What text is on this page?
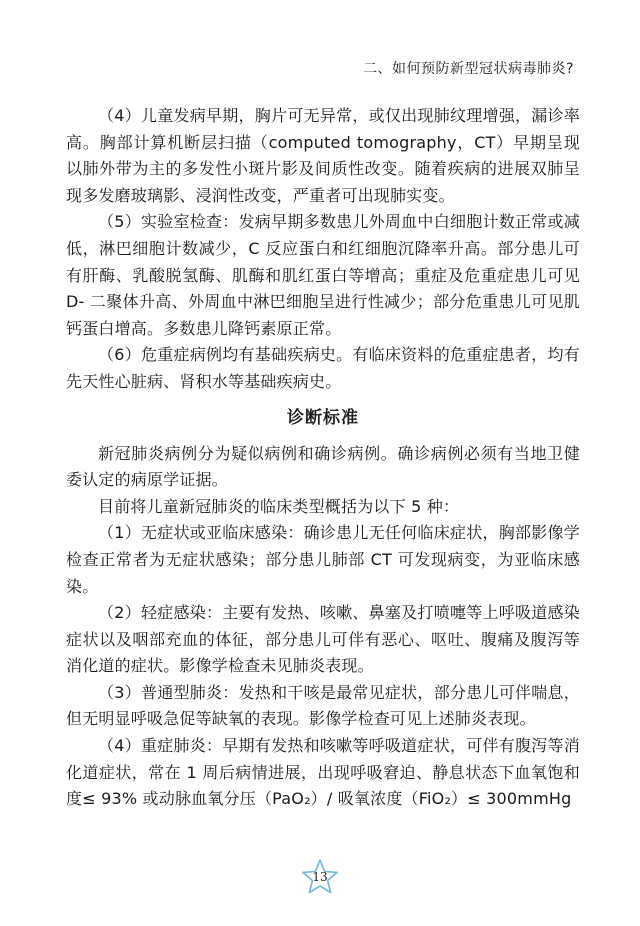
二、如何预防新型冠状病毒肺炎?

（4）儿童发病早期，胸片可无异常，或仅出现肺纹理增强，漏诊率高。胸部计算机断层扫描（computed tomography，CT）早期呈现以肺外带为主的多发性小斑片影及间质性改变。随着疾病的进展双肺呈现多发磨玻璃影、浸润性改变，严重者可出现肺实变。

（5）实验室检查：发病早期多数患儿外周血中白细胞计数正常或减低，淋巴细胞计数减少，C 反应蛋白和红细胞沉降率升高。部分患儿可有肝酶、乳酸脱氢酶、肌酶和肌红蛋白等增高；重症及危重症患儿可见 D- 二聚体升高、外周血中淋巴细胞呈进行性减少；部分危重患儿可见肌钙蛋白增高。多数患儿降钙素原正常。

（6）危重症病例均有基础疾病史。有临床资料的危重症患者，均有先天性心脏病、肾积水等基础疾病史。

诊断标准

新冠肺炎病例分为疑似病例和确诊病例。确诊病例必须有当地卫健委认定的病原学证据。

目前将儿童新冠肺炎的临床类型概括为以下 5 种：

（1）无症状或亚临床感染：确诊患儿无任何临床症状，胸部影像学检查正常者为无症状感染；部分患儿肺部 CT 可发现病变，为亚临床感染。

（2）轻症感染：主要有发热、咳嗽、鼻塞及打喷嚏等上呼吸道感染症状以及咽部充血的体征，部分患儿可伴有恶心、呕吐、腹痛及腹泻等消化道的症状。影像学检查未见肺炎表现。

（3）普通型肺炎：发热和干咳是最常见症状，部分患儿可伴喘息，但无明显呼吸急促等缺氧的表现。影像学检查可见上述肺炎表现。

（4）重症肺炎：早期有发热和咳嗽等呼吸道症状，可伴有腹泻等消化道症状，常在 1 周后病情进展，出现呼吸窘迫、静息状态下血氧饱和度≤ 93% 或动脉血氧分压（PaO₂）/ 吸氧浓度（FiO₂）≤ 300mmHg

13
